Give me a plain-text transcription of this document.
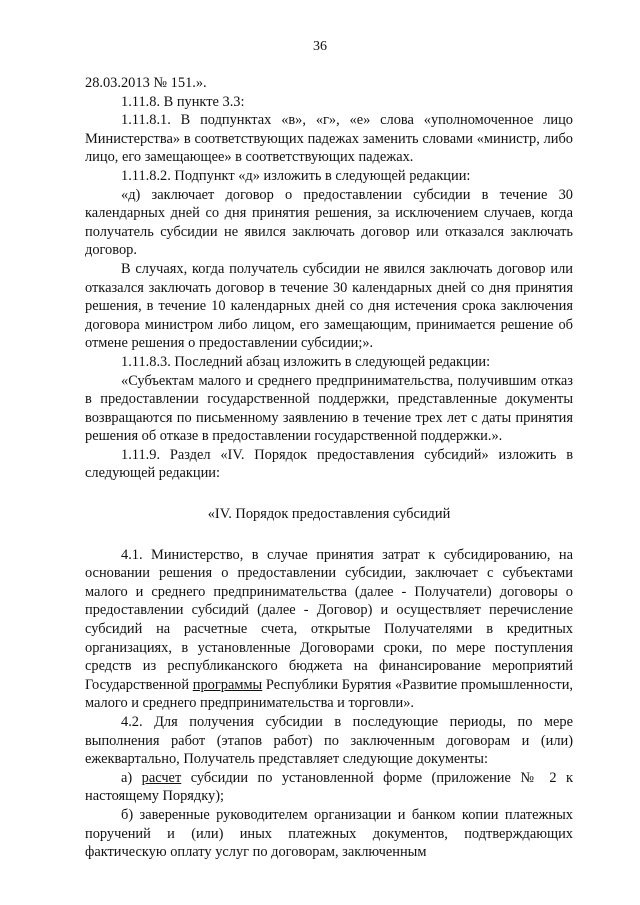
36

28.03.2013 № 151.».

1.11.8. В пункте 3.3:

1.11.8.1. В подпунктах «в», «г», «е» слова «уполномоченное лицо Министерства» в соответствующих падежах заменить словами «министр, либо лицо, его замещающее» в соответствующих падежах.

1.11.8.2. Подпункт «д» изложить в следующей редакции:

«д) заключает договор о предоставлении субсидии в течение 30 календарных дней со дня принятия решения, за исключением случаев, когда получатель субсидии не явился заключать договор или отказался заключать договор.

В случаях, когда получатель субсидии не явился заключать договор или отказался заключать договор в течение 30 календарных дней со дня принятия решения, в течение 10 календарных дней со дня истечения срока заключения договора министром либо лицом, его замещающим, принимается решение об отмене решения о предоставлении субсидии;».

1.11.8.3. Последний абзац изложить в следующей редакции:

«Субъектам малого и среднего предпринимательства, получившим отказ в предоставлении государственной поддержки, представленные документы возвращаются по письменному заявлению в течение трех лет с даты принятия решения об отказе в предоставлении государственной поддержки.».

1.11.9. Раздел «IV. Порядок предоставления субсидий» изложить в следующей редакции:

«IV. Порядок предоставления субсидий

4.1. Министерство, в случае принятия затрат к субсидированию, на основании решения о предоставлении субсидии, заключает с субъектами малого и среднего предпринимательства (далее - Получатели) договоры о предоставлении субсидий (далее - Договор) и осуществляет перечисление субсидий на расчетные счета, открытые Получателями в кредитных организациях, в установленные Договорами сроки, по мере поступления средств из республиканского бюджета на финансирование мероприятий Государственной программы Республики Бурятия «Развитие промышленности, малого и среднего предпринимательства и торговли».

4.2. Для получения субсидии в последующие периоды, по мере выполнения работ (этапов работ) по заключенным договорам и (или) ежеквартально, Получатель представляет следующие документы:

а) расчет субсидии по установленной форме (приложение № 2 к настоящему Порядку);

б) заверенные руководителем организации и банком копии платежных поручений и (или) иных платежных документов, подтверждающих фактическую оплату услуг по договорам, заключенным
